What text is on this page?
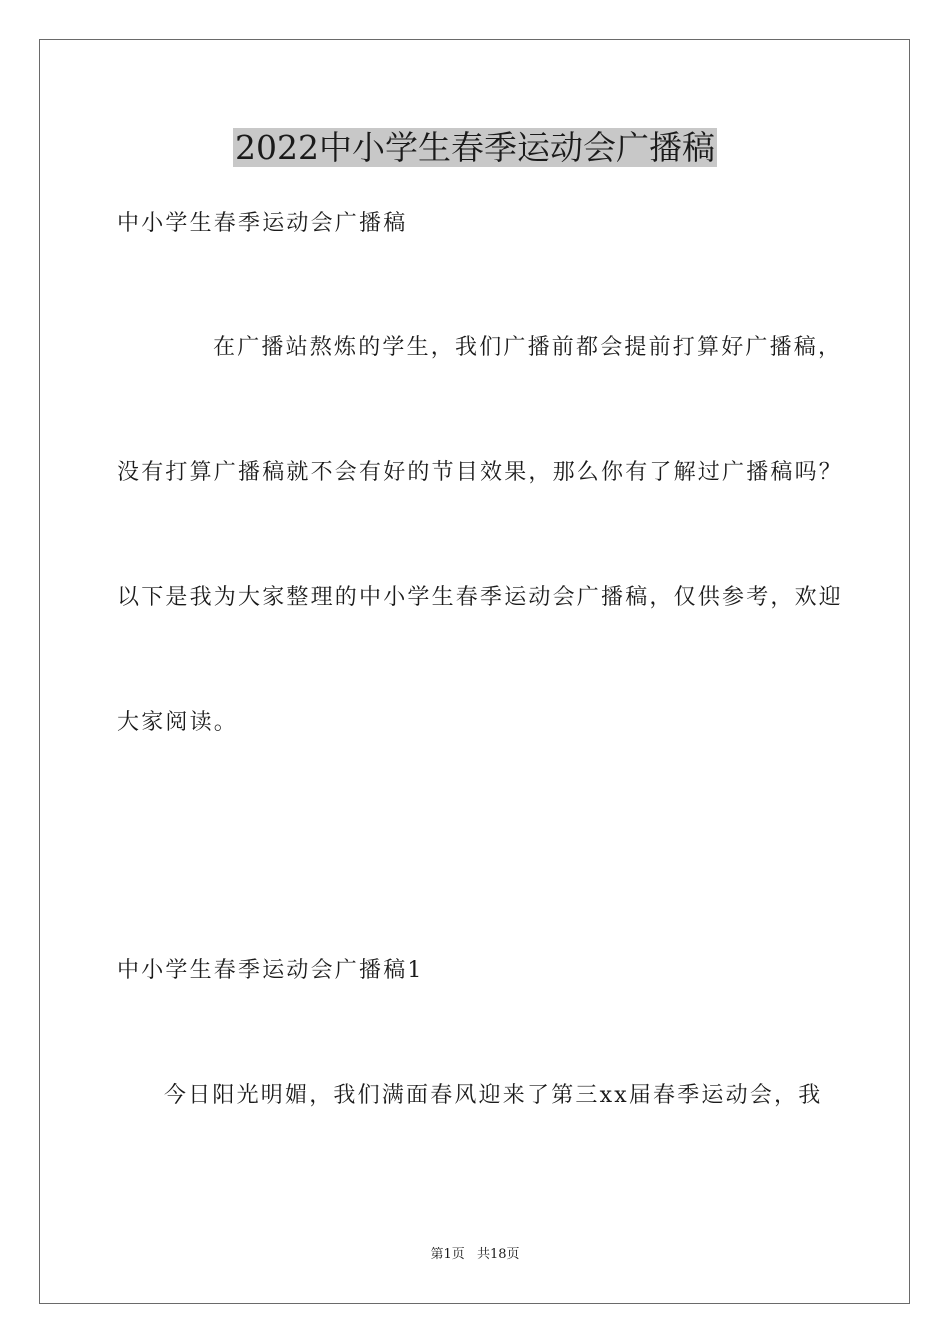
2022中小学生春季运动会广播稿
中小学生春季运动会广播稿
在广播站熬炼的学生，我们广播前都会提前打算好广播稿，
没有打算广播稿就不会有好的节目效果，那么你有了解过广播稿吗？
以下是我为大家整理的中小学生春季运动会广播稿，仅供参考，欢迎
大家阅读。
中小学生春季运动会广播稿1
今日阳光明媚，我们满面春风迎来了第三xx届春季运动会，我
第1页 共18页
